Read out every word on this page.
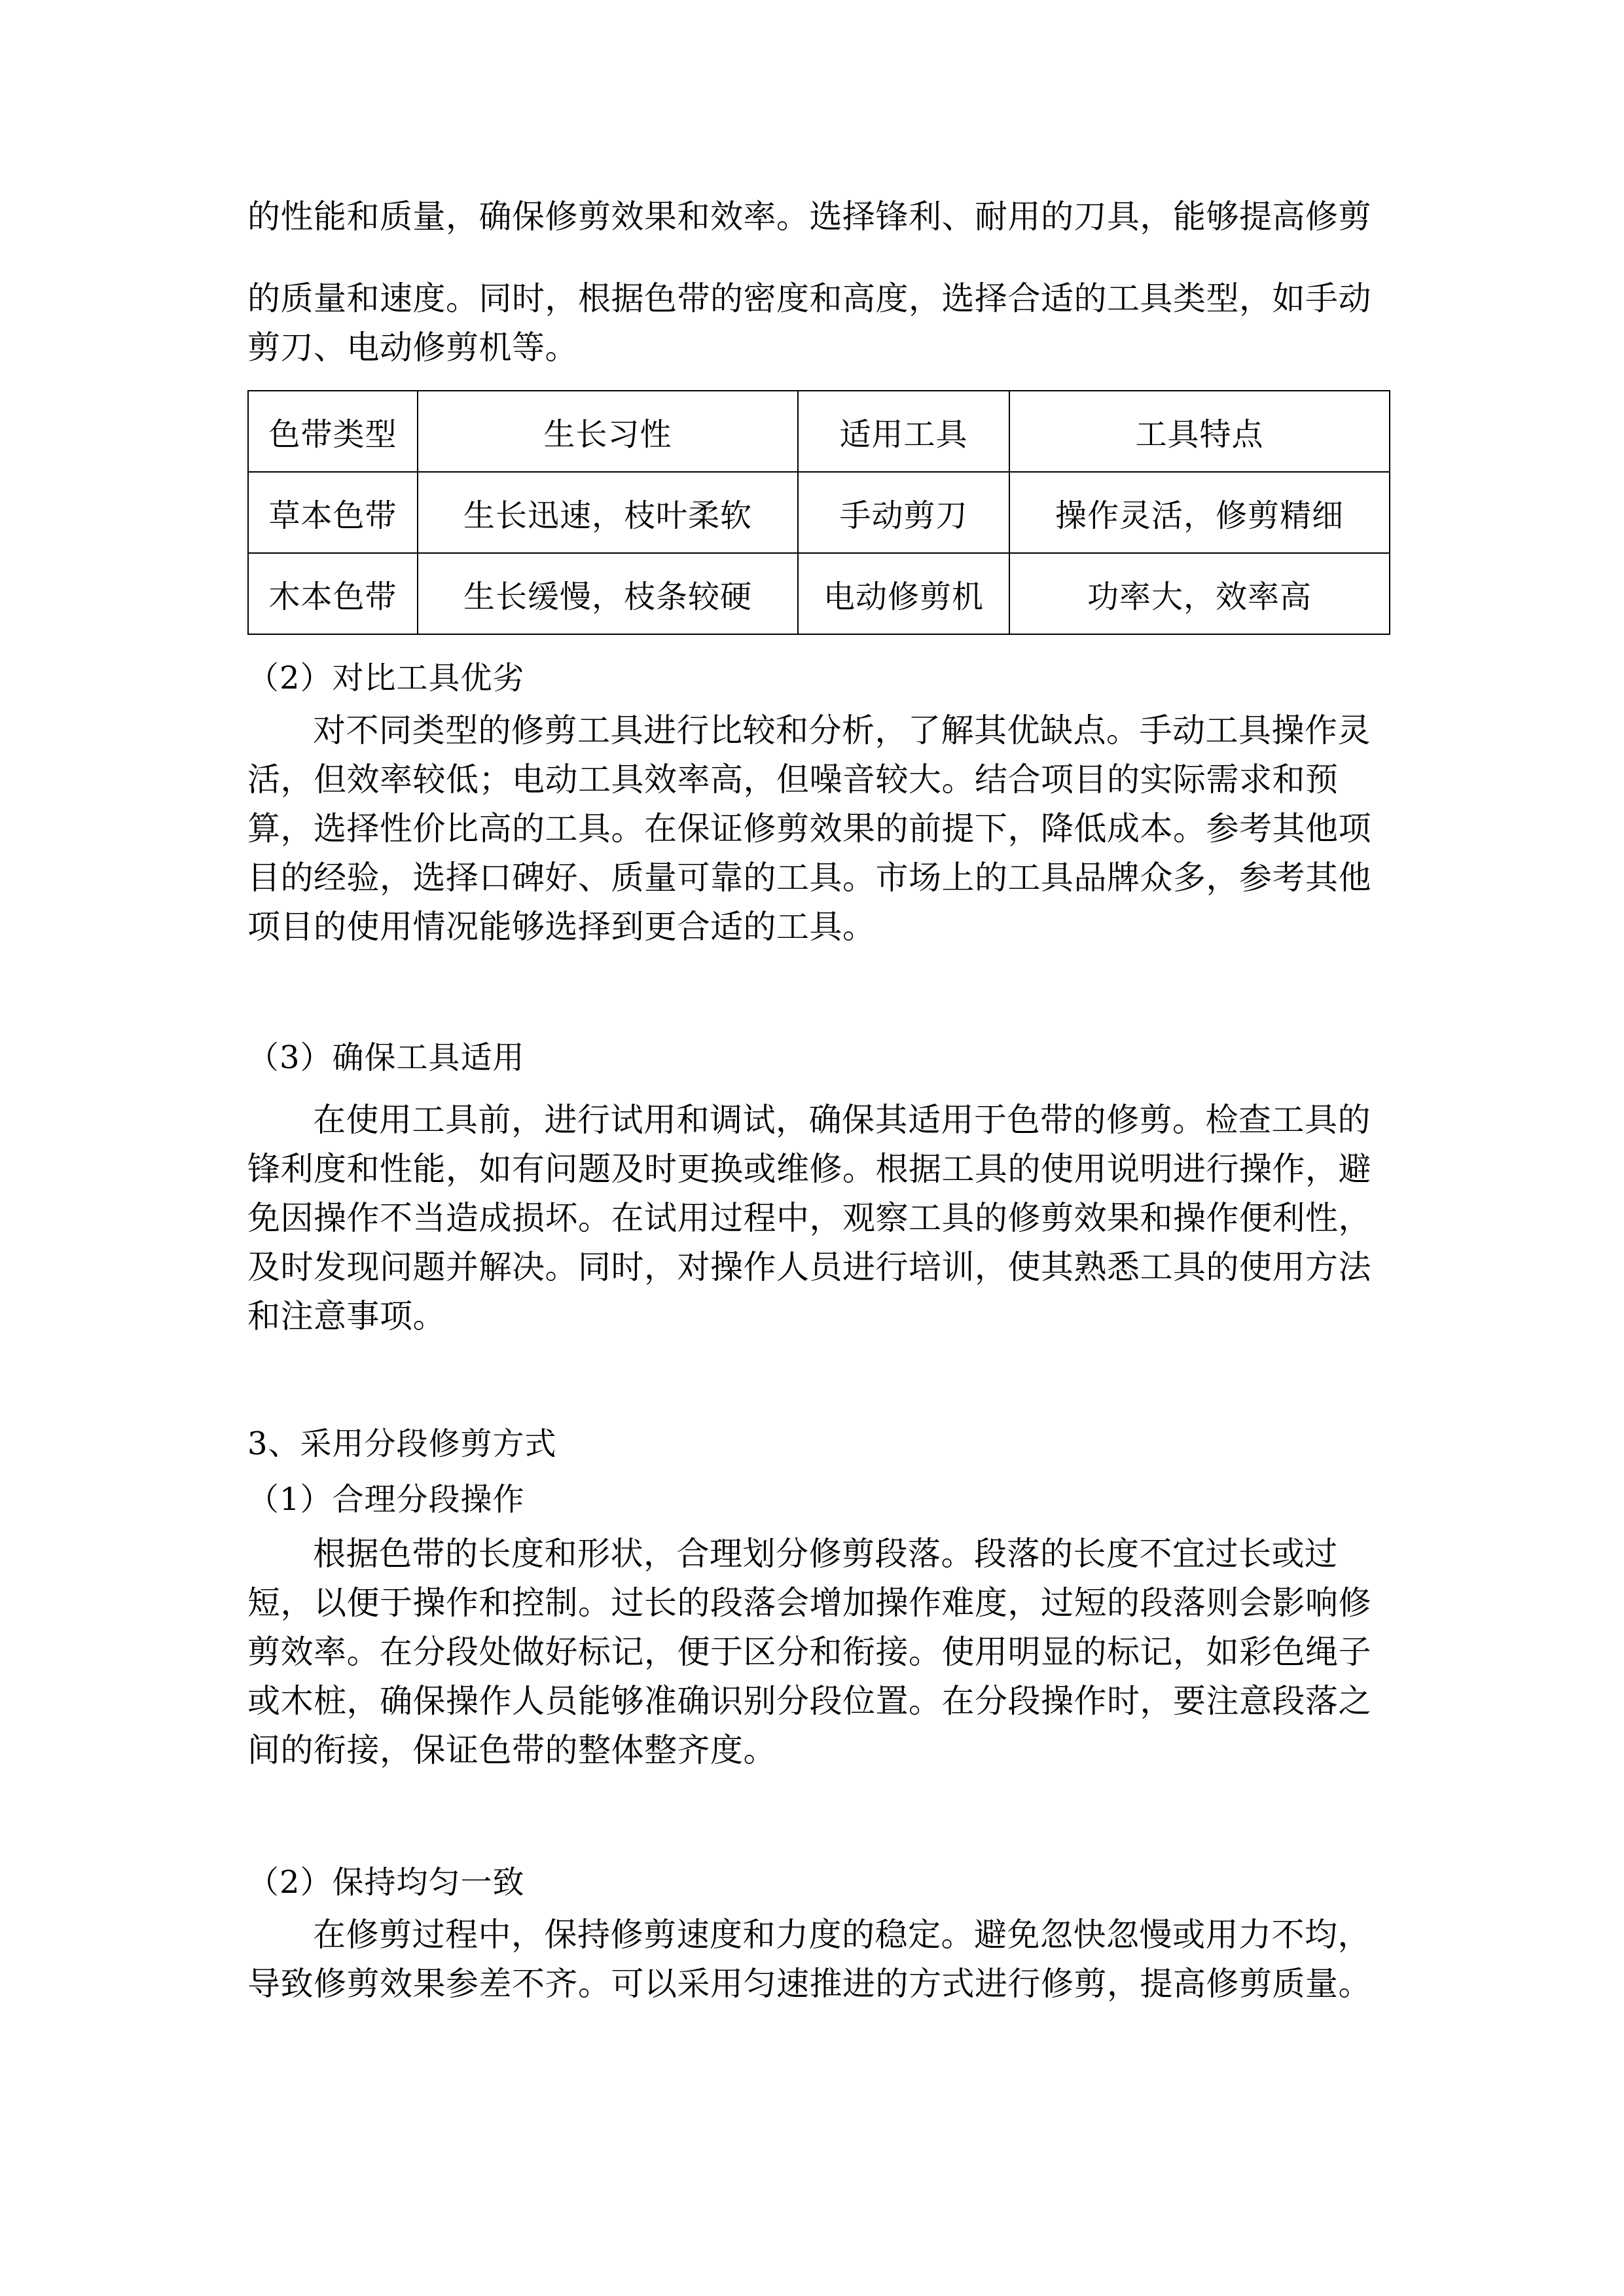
的性能和质量，确保修剪效果和效率。选择锋利、耐用的刀具，能够提高修剪
的质量和速度。同时，根据色带的密度和高度，选择合适的工具类型，如手动
剪刀、电动修剪机等。
色带类型	生长习性	适用工具	工具特点
草本色带	生长迅速，枝叶柔软	手动剪刀	操作灵活，修剪精细
木本色带	生长缓慢，枝条较硬	电动修剪机	功率大，效率高
（2）对比工具优劣
对不同类型的修剪工具进行比较和分析，了解其优缺点。手动工具操作灵
活，但效率较低；电动工具效率高，但噪音较大。结合项目的实际需求和预
算，选择性价比高的工具。在保证修剪效果的前提下，降低成本。参考其他项
目的经验，选择口碑好、质量可靠的工具。市场上的工具品牌众多，参考其他
项目的使用情况能够选择到更合适的工具。
（3）确保工具适用
在使用工具前，进行试用和调试，确保其适用于色带的修剪。检查工具的
锋利度和性能，如有问题及时更换或维修。根据工具的使用说明进行操作，避
免因操作不当造成损坏。在试用过程中，观察工具的修剪效果和操作便利性，
及时发现问题并解决。同时，对操作人员进行培训，使其熟悉工具的使用方法
和注意事项。
3、采用分段修剪方式
（1）合理分段操作
根据色带的长度和形状，合理划分修剪段落。段落的长度不宜过长或过
短，以便于操作和控制。过长的段落会增加操作难度，过短的段落则会影响修
剪效率。在分段处做好标记，便于区分和衔接。使用明显的标记，如彩色绳子
或木桩，确保操作人员能够准确识别分段位置。在分段操作时，要注意段落之
间的衔接，保证色带的整体整齐度。
（2）保持均匀一致
在修剪过程中，保持修剪速度和力度的稳定。避免忽快忽慢或用力不均，
导致修剪效果参差不齐。可以采用匀速推进的方式进行修剪，提高修剪质量。
